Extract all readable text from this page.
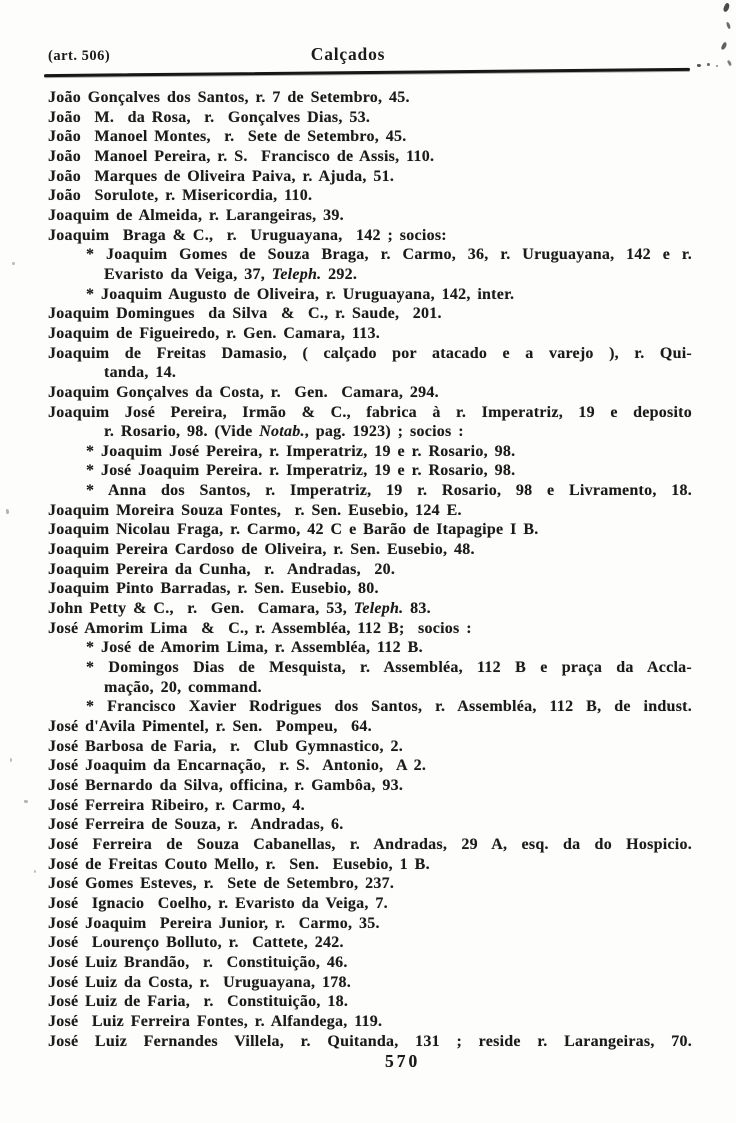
(art. 506)	Calçados
João Gonçalves dos Santos, r. 7 de Setembro, 45.
João  M.  da Rosa,  r.  Gonçalves Dias, 53.
João  Manoel Montes,  r.  Sete de Setembro, 45.
João  Manoel Pereira, r. S.  Francisco de Assis, 110.
João  Marques de Oliveira Paiva, r. Ajuda, 51.
João  Sorulote, r. Misericordia, 110.
Joaquim de Almeida, r. Larangeiras, 39.
Joaquim  Braga & C.,  r.  Uruguayana,  142 ; socios:
* Joaquim Gomes de Souza Braga, r. Carmo, 36, r. Uruguayana, 142 e r.
Evaristo da Veiga, 37, Teleph. 292.
* Joaquim Augusto de Oliveira, r. Uruguayana, 142, inter.
Joaquim Domingues  da Silva  &  C., r. Saude,  201.
Joaquim de Figueiredo, r. Gen. Camara, 113.
Joaquim de Freitas Damasio, ( calçado por atacado e a varejo ), r. Qui-
tanda, 14.
Joaquim Gonçalves da Costa, r.  Gen.  Camara, 294.
Joaquim José Pereira, Irmão & C., fabrica à r. Imperatriz, 19 e deposito
r. Rosario, 98. (Vide Notab., pag. 1923) ; socios :
* Joaquim José Pereira, r. Imperatriz, 19 e r. Rosario, 98.
* José Joaquim Pereira. r. Imperatriz, 19 e r. Rosario, 98.
* Anna dos Santos, r. Imperatriz, 19 r. Rosario, 98 e Livramento, 18.
Joaquim Moreira Souza Fontes,  r. Sen. Eusebio, 124 E.
Joaquim Nicolau Fraga, r. Carmo, 42 C e Barão de Itapagipe I B.
Joaquim Pereira Cardoso de Oliveira, r. Sen. Eusebio, 48.
Joaquim Pereira da Cunha,  r.  Andradas,  20.
Joaquim Pinto Barradas, r. Sen. Eusebio, 80.
John Petty & C.,  r.  Gen.  Camara, 53, Teleph. 83.
José Amorim Lima  &  C., r. Assembléa, 112 B;  socios :
* José de Amorim Lima, r. Assembléa, 112 B.
* Domingos Dias de Mesquista, r. Assembléa, 112 B e praça da Accla-
mação, 20, command.
* Francisco Xavier Rodrigues dos Santos, r. Assembléa, 112 B, de indust.
José d'Avila Pimentel, r. Sen.  Pompeu,  64.
José Barbosa de Faria,  r.  Club Gymnastico, 2.
José Joaquim da Encarnação,  r. S.  Antonio,  A 2.
José Bernardo da Silva, officina, r. Gambôa, 93.
José Ferreira Ribeiro, r. Carmo, 4.
José Ferreira de Souza, r.  Andradas, 6.
José Ferreira de Souza Cabanellas, r. Andradas, 29 A, esq. da do Hospicio.
José de Freitas Couto Mello, r.  Sen.  Eusebio, 1 B.
José Gomes Esteves, r.  Sete de Setembro, 237.
José  Ignacio  Coelho, r. Evaristo da Veiga, 7.
José Joaquim  Pereira Junior, r.  Carmo, 35.
José  Lourenço Bolluto, r.  Cattete, 242.
José Luiz Brandão,  r.  Constituição, 46.
José Luiz da Costa, r.  Uruguayana, 178.
José Luiz de Faria,  r.  Constituição, 18.
José  Luiz Ferreira Fontes, r. Alfandega, 119.
José Luiz Fernandes Villela, r. Quitanda, 131 ; reside r. Larangeiras, 70.
570
